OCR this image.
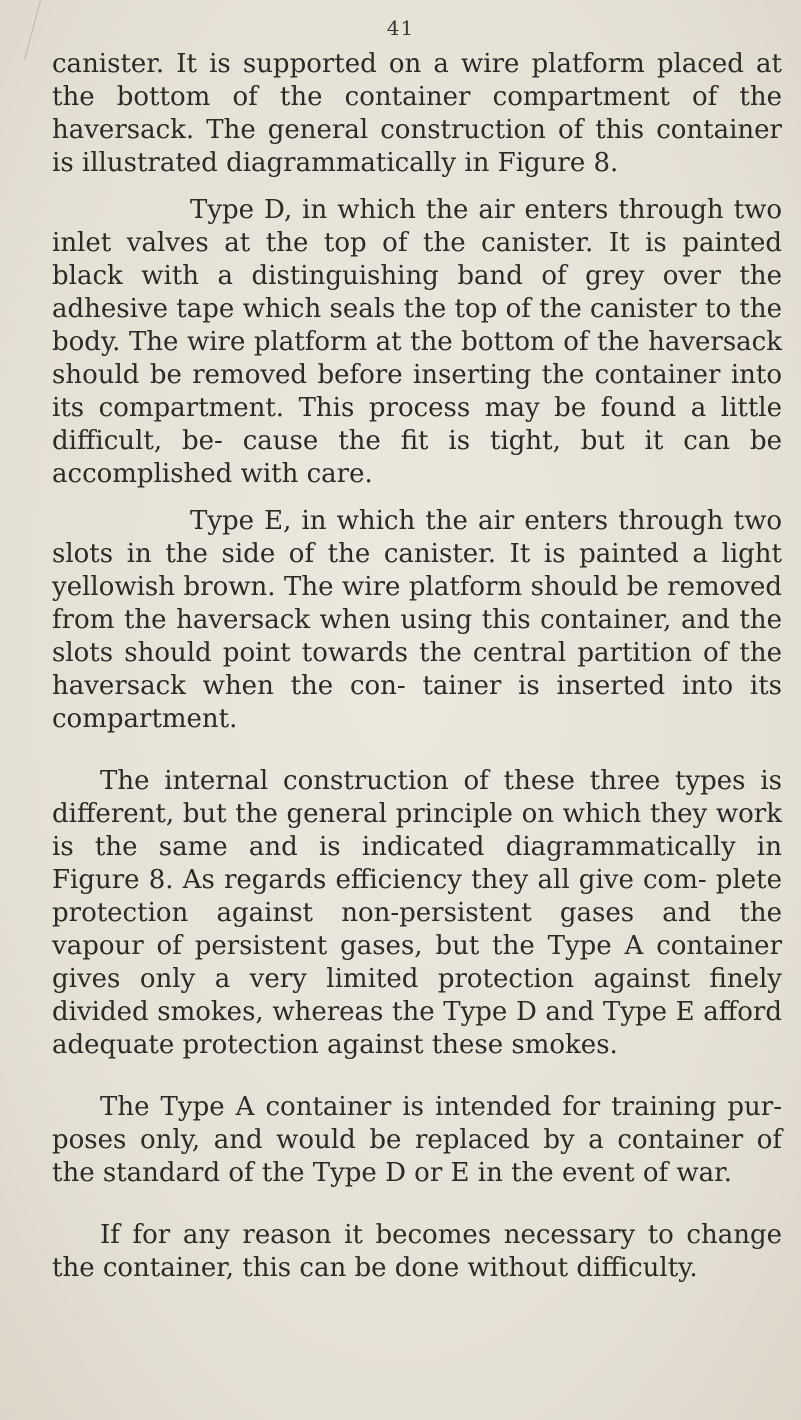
41

canister. It is supported on a wire platform placed at the bottom of the container compartment of the haversack. The general construction of this container is illustrated diagrammatically in Figure 8.

Type D, in which the air enters through two inlet valves at the top of the canister. It is painted black with a distinguishing band of grey over the adhesive tape which seals the top of the canister to the body. The wire platform at the bottom of the haversack should be removed before inserting the container into its compartment. This process may be found a little difficult, be- cause the fit is tight, but it can be accomplished with care.

Type E, in which the air enters through two slots in the side of the canister. It is painted a light yellowish brown. The wire platform should be removed from the haversack when using this container, and the slots should point towards the central partition of the haversack when the con- tainer is inserted into its compartment.

The internal construction of these three types is different, but the general principle on which they work is the same and is indicated diagrammatically in Figure 8. As regards efficiency they all give com- plete protection against non-persistent gases and the vapour of persistent gases, but the Type A container gives only a very limited protection against finely divided smokes, whereas the Type D and Type E afford adequate protection against these smokes.

The Type A container is intended for training pur- poses only, and would be replaced by a container of the standard of the Type D or E in the event of war.

If for any reason it becomes necessary to change the container, this can be done without difficulty.
